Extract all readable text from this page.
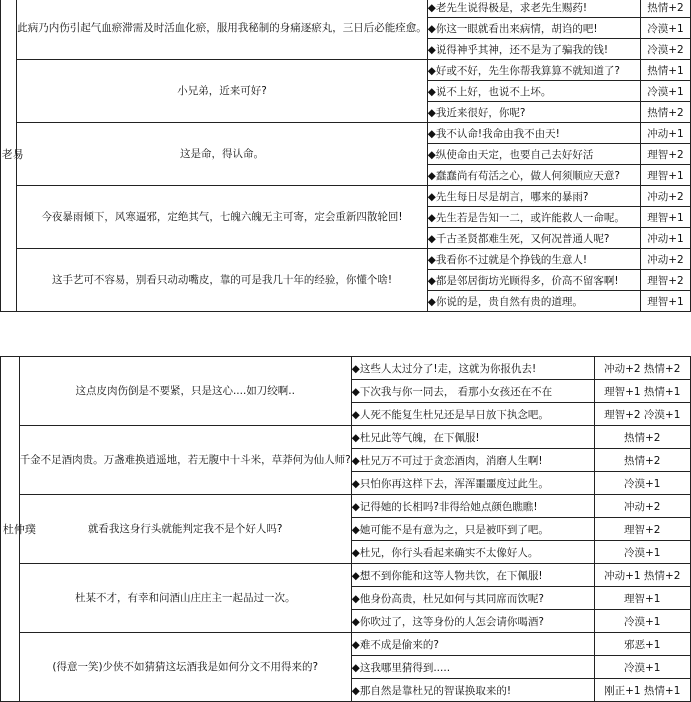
老易	此病乃内伤引起气血瘀滞需及时活血化瘀，服用我秘制的身痛逐瘀丸，三日后必能痊愈。	◆老先生说得极是，求老先生赐药!	热情+2
		◆你这一眼就看出来病情，胡诌的吧!	冷漠+1
		◆说得神乎其神，还不是为了骗我的钱!	冷漠+2
	小兄弟，近来可好?	◆好或不好，先生你帮我算算不就知道了?	热情+1
		◆说不上好，也说不上坏。	冷漠+1
		◆我近来很好，你呢?	热情+2
	这是命，得认命。	◆我不认命!我命由我不由天!	冲动+1
		◆纵使命由天定，也要自己去好好活	理智+2
		◆蠢蠢尚有苟活之心，做人何须顺应天意?	理智+1
	今夜暴雨倾下，风寒逼邪，定绝其气，七魄六魄无主可寄，定会重新四散轮回!	◆先生每日尽是胡言，哪来的暴雨?	冲动+2
		◆先生若是告知一二，或许能救人一命呢。	理智+1
		◆千古圣贤都难生死，又何况普通人呢?	冲动+1
	这手艺可不容易，别看只动动嘴皮，靠的可是我几十年的经验，你懂个啥!	◆我看你不过就是个挣钱的生意人!	冲动+2
		◆都是邻居街坊光顾得多，价高不留客啊!	理智+2
		◆你说的是，贵自然有贵的道理。	理智+1
杜仲璞	这点皮肉伤倒是不要紧，只是这心....如刀绞啊..	◆这些人太过分了!走，这就为你报仇去!	冲动+2 热情+2
		◆下次我与你一同去， 看那小女孩还在不在	理智+1 热情+1
		◆人死不能复生杜兄还是早日放下执念吧。	理智+2 冷漠+1
	千金不足酒肉贵。万盏难换逍遥地，若无腹中十斗米，草莽何为仙人师?	◆杜兄此等气魄，在下佩服!	热情+2
		◆杜兄万不可过于贪恋酒肉，消磨人生啊!	热情+2
		◆只怕你再这样下去，浑浑噩噩度过此生。	冷漠+1
	就看我这身行头就能判定我不是个好人吗?	◆记得她的长相吗?非得给她点颜色瞧瞧!	冲动+2
		◆她可能不是有意为之，只是被吓到了吧。	理智+2
		◆杜兄，你行头看起来确实不太像好人。	冷漠+1
	杜某不才，有幸和问酒山庄庄主一起品过一次。	◆想不到你能和这等人物共饮，在下佩服!	冲动+1 热情+2
		◆他身份高贵，杜兄如何与其同席而饮呢?	理智+1
		◆你吹过了，这等身份的人怎会请你喝酒?	冷漠+1
	(得意一笑)少侠不如猜猜这坛酒我是如何分文不用得来的?	◆难不成是偷来的?	邪恶+1
		◆这我哪里猜得到.....	冷漠+1
		◆那自然是靠杜兄的智谋换取来的!	刚正+1 热情+1
